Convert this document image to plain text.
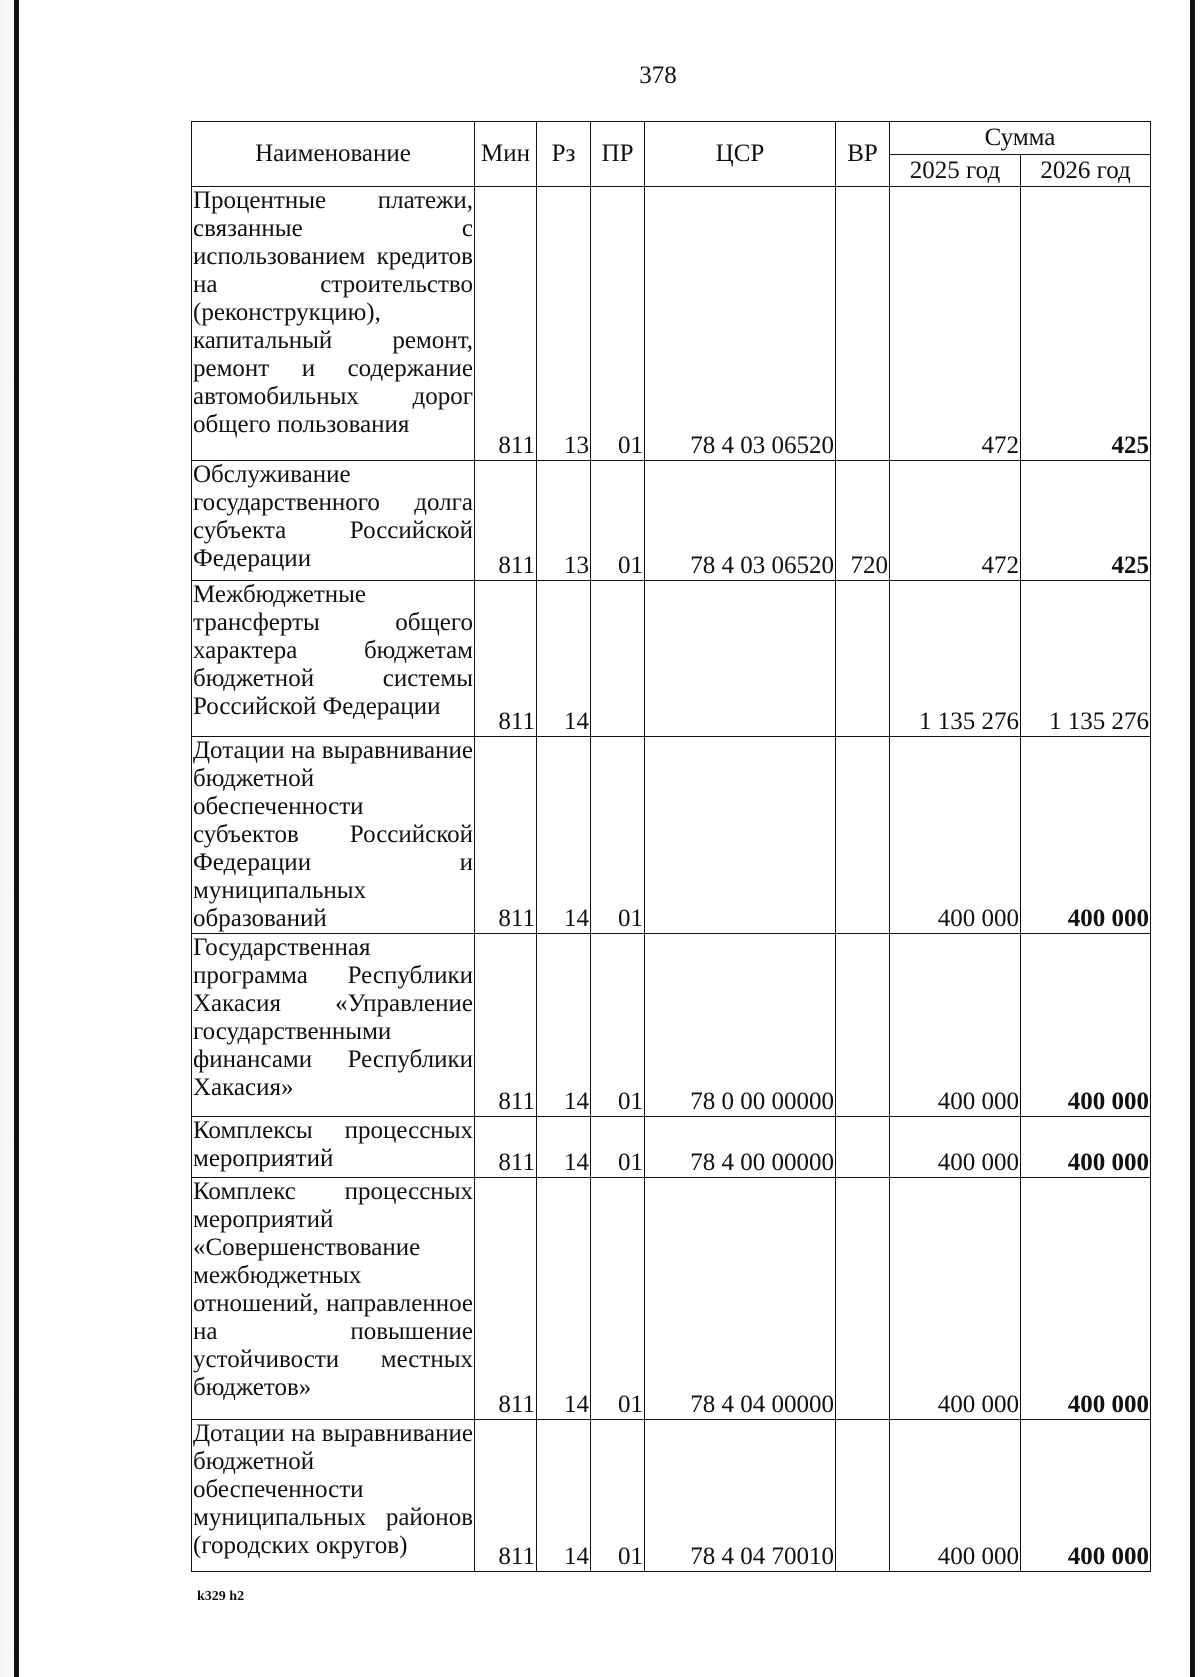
378
Наименование	Мин	Рз	ПР	ЦСР	ВР	Сумма	
						2025 год	2026 год
Процентные платежи, связанные с использованием кредитов на строительство (реконструкцию), капитальный ремонт, ремонт и содержание автомобильных дорог общего пользования	811	13	01	78 4 03 06520		472	425
Обслуживание государственного долга субъекта Российской Федерации	811	13	01	78 4 03 06520	720	472	425
Межбюджетные трансферты общего характера бюджетам бюджетной системы Российской Федерации	811	14				1 135 276	1 135 276
Дотации на выравнивание бюджетной обеспеченности субъектов Российской Федерации и муниципальных образований	811	14	01			400 000	400 000
Государственная программа Республики Хакасия «Управление государственными финансами Республики Хакасия»	811	14	01	78 0 00 00000		400 000	400 000
Комплексы процессных мероприятий	811	14	01	78 4 00 00000		400 000	400 000
Комплекс процессных мероприятий «Совершенствование межбюджетных отношений, направленное на повышение устойчивости местных бюджетов»	811	14	01	78 4 04 00000		400 000	400 000
Дотации на выравнивание бюджетной обеспеченности муниципальных районов (городских округов)	811	14	01	78 4 04 70010		400 000	400 000
k329 h2
